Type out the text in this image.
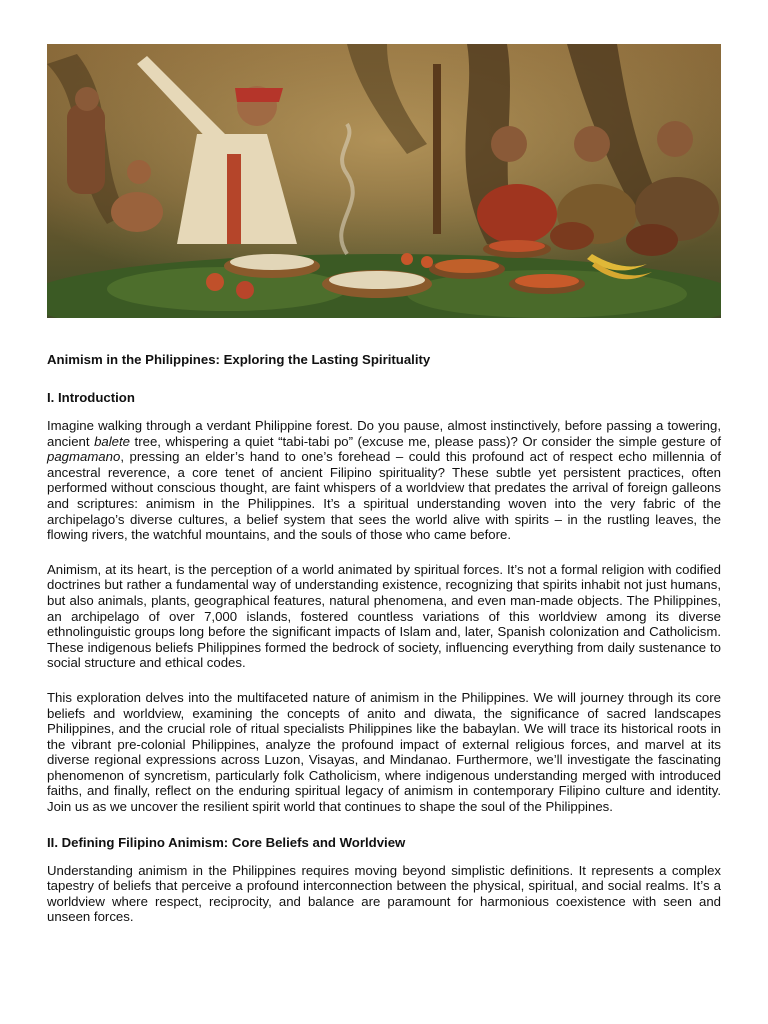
Animism in the Philippines: Exploring the Lasting Spirituality
I. Introduction

Imagine walking through a verdant Philippine forest. Do you pause, almost instinctively, before passing a towering, ancient balete tree, whispering a quiet “tabi-tabi po” (excuse me, please pass)? Or consider the simple gesture of pagmamano, pressing an elder’s hand to one’s forehead – could this profound act of respect echo millennia of ancestral reverence, a core tenet of ancient Filipino spirituality? These subtle yet persistent practices, often performed without conscious thought, are faint whispers of a worldview that predates the arrival of foreign galleons and scriptures: animism in the Philippines. It’s a spiritual understanding woven into the very fabric of the archipelago’s diverse cultures, a belief system that sees the world alive with spirits – in the rustling leaves, the flowing rivers, the watchful mountains, and the souls of those who came before.

Animism, at its heart, is the perception of a world animated by spiritual forces. It’s not a formal religion with codified doctrines but rather a fundamental way of understanding existence, recognizing that spirits inhabit not just humans, but also animals, plants, geographical features, natural phenomena, and even man-made objects. The Philippines, an archipelago of over 7,000 islands, fostered countless variations of this worldview among its diverse ethnolinguistic groups long before the significant impacts of Islam and, later, Spanish colonization and Catholicism. These indigenous beliefs Philippines formed the bedrock of society, influencing everything from daily sustenance to social structure and ethical codes.

This exploration delves into the multifaceted nature of animism in the Philippines. We will journey through its core beliefs and worldview, examining the concepts of anito and diwata, the significance of sacred landscapes Philippines, and the crucial role of ritual specialists Philippines like the babaylan. We will trace its historical roots in the vibrant pre-colonial Philippines, analyze the profound impact of external religious forces, and marvel at its diverse regional expressions across Luzon, Visayas, and Mindanao. Furthermore, we’ll investigate the fascinating phenomenon of syncretism, particularly folk Catholicism, where indigenous understanding merged with introduced faiths, and finally, reflect on the enduring spiritual legacy of animism in contemporary Filipino culture and identity. Join us as we uncover the resilient spirit world that continues to shape the soul of the Philippines.

II. Defining Filipino Animism: Core Beliefs and Worldview

Understanding animism in the Philippines requires moving beyond simplistic definitions. It represents a complex tapestry of beliefs that perceive a profound interconnection between the physical, spiritual, and social realms. It’s a worldview where respect, reciprocity, and balance are paramount for harmonious coexistence with seen and unseen forces.
